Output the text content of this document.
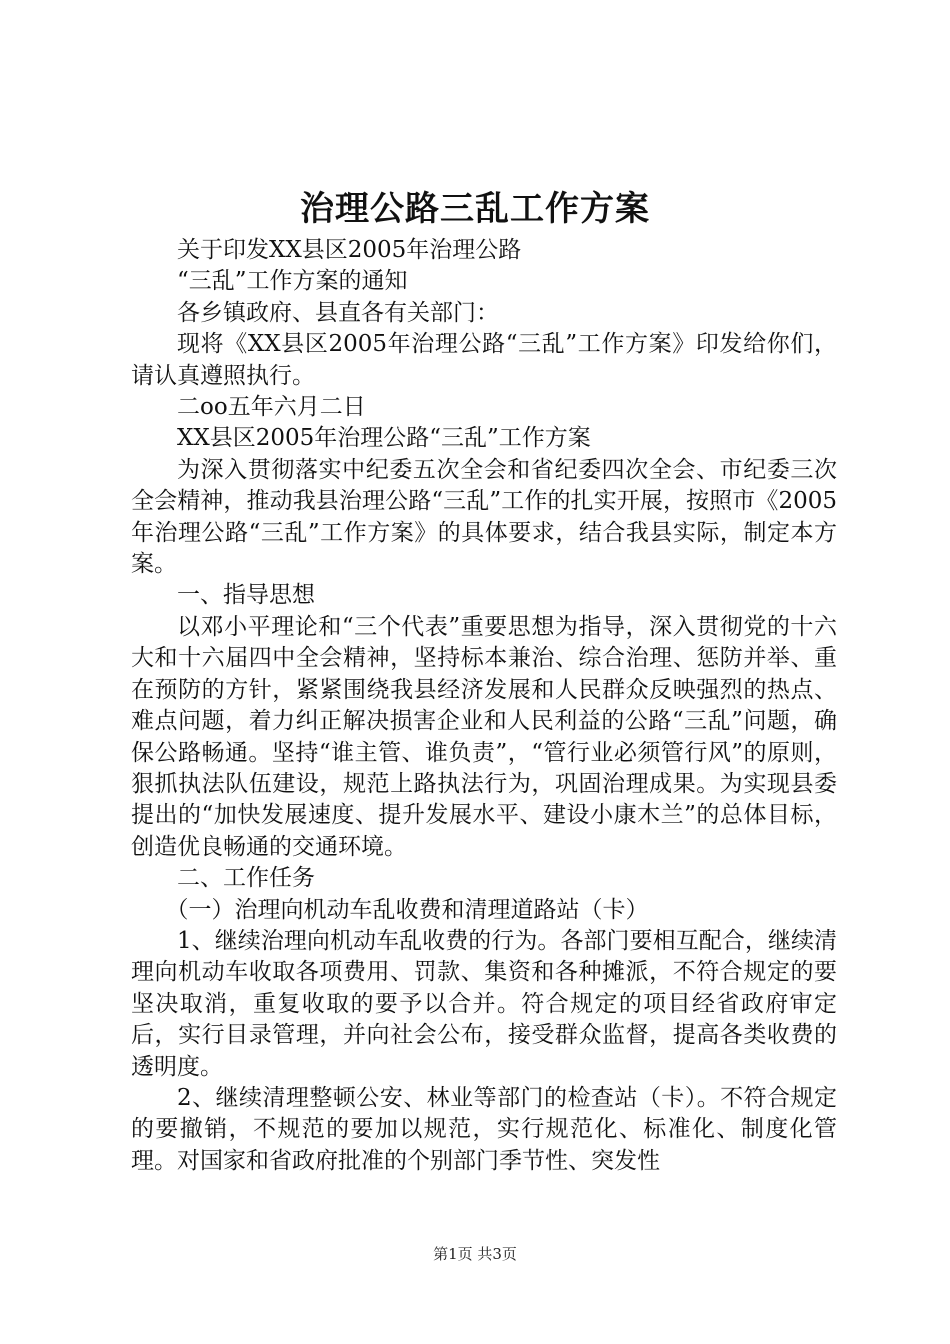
治理公路三乱工作方案

关于印发XX县区2005年治理公路

“三乱”工作方案的通知

各乡镇政府、县直各有关部门：

现将《XX县区2005年治理公路“三乱”工作方案》印发给你们，请认真遵照执行。

二oo五年六月二日

XX县区2005年治理公路“三乱”工作方案

为深入贯彻落实中纪委五次全会和省纪委四次全会、市纪委三次全会精神，推动我县治理公路“三乱”工作的扎实开展，按照市《2005年治理公路“三乱”工作方案》的具体要求，结合我县实际，制定本方案。

一、指导思想

以邓小平理论和“三个代表”重要思想为指导，深入贯彻党的十六大和十六届四中全会精神，坚持标本兼治、综合治理、惩防并举、重在预防的方针，紧紧围绕我县经济发展和人民群众反映强烈的热点、难点问题，着力纠正解决损害企业和人民利益的公路“三乱”问题，确保公路畅通。坚持“谁主管、谁负责”，“管行业必须管行风”的原则，狠抓执法队伍建设，规范上路执法行为，巩固治理成果。为实现县委提出的“加快发展速度、提升发展水平、建设小康木兰”的总体目标，创造优良畅通的交通环境。

二、工作任务

（一）治理向机动车乱收费和清理道路站（卡）

1、继续治理向机动车乱收费的行为。各部门要相互配合，继续清理向机动车收取各项费用、罚款、集资和各种摊派，不符合规定的要坚决取消，重复收取的要予以合并。符合规定的项目经省政府审定后，实行目录管理，并向社会公布，接受群众监督，提高各类收费的透明度。

2、继续清理整顿公安、林业等部门的检查站（卡）。不符合规定的要撤销，不规范的要加以规范，实行规范化、标准化、制度化管理。对国家和省政府批准的个别部门季节性、突发性

第1页 共3页
